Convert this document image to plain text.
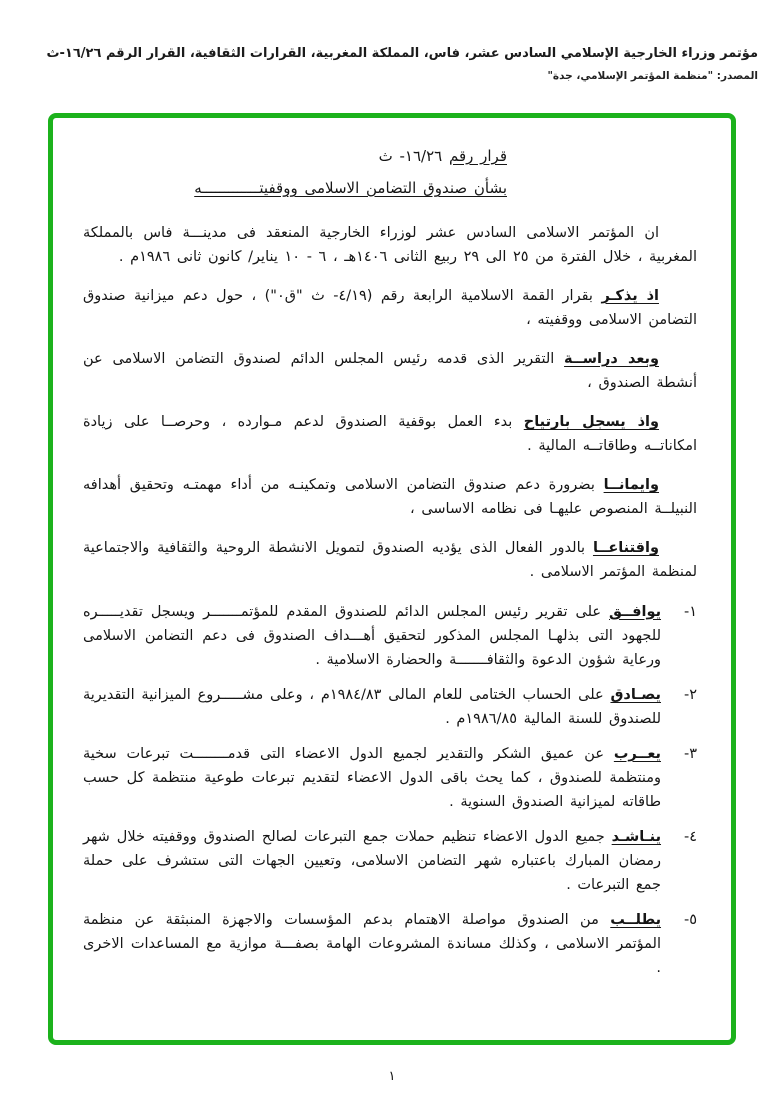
مؤتمر وزراء الخارجية الإسلامي السادس عشر، فاس، المملكة المغربية، القرارات الثقافية، القرار الرقم ١٦/٢٦-ث
المصدر: "منظمة المؤتمر الإسلامي، جدة"
قرار رقم ١٦/٢٦- ث
بشأن صندوق التضامن الاسلامى ووقفيتـــــــــــــه

ان المؤتمر الاسلامى السادس عشر لوزراء الخارجية المنعقد فى مدينـــة فاس بالمملكة المغربية ، خلال الفترة من ٢٥ الى ٢٩ ربيع الثانى ١٤٠٦هـ ، ٦ - ١٠ يناير/ كانون ثانى ١٩٨٦م .

اذ يذكـر بقرار القمة الاسلامية الرابعة رقم (٤/١٩- ث "ق٠") ، حول دعم ميزانية صندوق التضامن الاسلامى ووقفيته ،

وبعد دراســة التقرير الذى قدمه رئيس المجلس الدائم لصندوق التضامن الاسلامى عن أنشطة الصندوق ،

واذ يسجل بارتياح بدء العمل بوقفية الصندوق لدعم مـوارده ، وحرصــا على زيادة امكاناتــه وطاقاتــه المالية .

وايمانــا بضرورة دعم صندوق التضامن الاسلامى وتمكينـه من أداء مهمتـه وتحقيق أهدافه النبيلــة المنصوص عليهـا فى نظامه الاساسى ،

واقتناعــا بالدور الفعال الذى يؤديه الصندوق لتمويل الانشطة الروحية والثقافية والاجتماعية لمنظمة المؤتمر الاسلامى .

١-
يوافــق على تقرير رئيس المجلس الدائم للصندوق المقدم للمؤتمـــــــر ويسجل تقديـــــره للجهود التى بذلهـا المجلس المذكور لتحقيق أهـــداف الصندوق فى دعم التضامن الاسلامى ورعاية شؤون الدعوة والثقافـــــــة والحضارة الاسلامية .
٢-
يصـادق على الحساب الختامى للعام المالى ١٩٨٤/٨٣م ، وعلى مشـــــروع الميزانية التقديرية للصندوق للسنة المالية ١٩٨٦/٨٥م .
٣-
يعــرب عن عميق الشكر والتقدير لجميع الدول الاعضاء التى قدمــــــــت تبرعات سخية ومنتظمة للصندوق ، كما يحث باقى الدول الاعضاء لتقديم تبرعات طوعية منتظمة كل حسب طاقاته لميزانية الصندوق السنوية .
٤-
ينـاشـد جميع الدول الاعضاء تنظيم حملات جمع التبرعات لصالح الصندوق ووقفيته خلال شهر رمضان المبارك باعتباره شهر التضامن الاسلامى، وتعيين الجهات التى ستشرف على حملة جمع التبرعات .
٥-
يطلــب من الصندوق مواصلة الاهتمام بدعم المؤسسات والاجهزة المنبثقة عن منظمة المؤتمر الاسلامى ، وكذلك مساندة المشروعات الهامة بصفـــة موازية مع المساعدات الاخرى .
١
